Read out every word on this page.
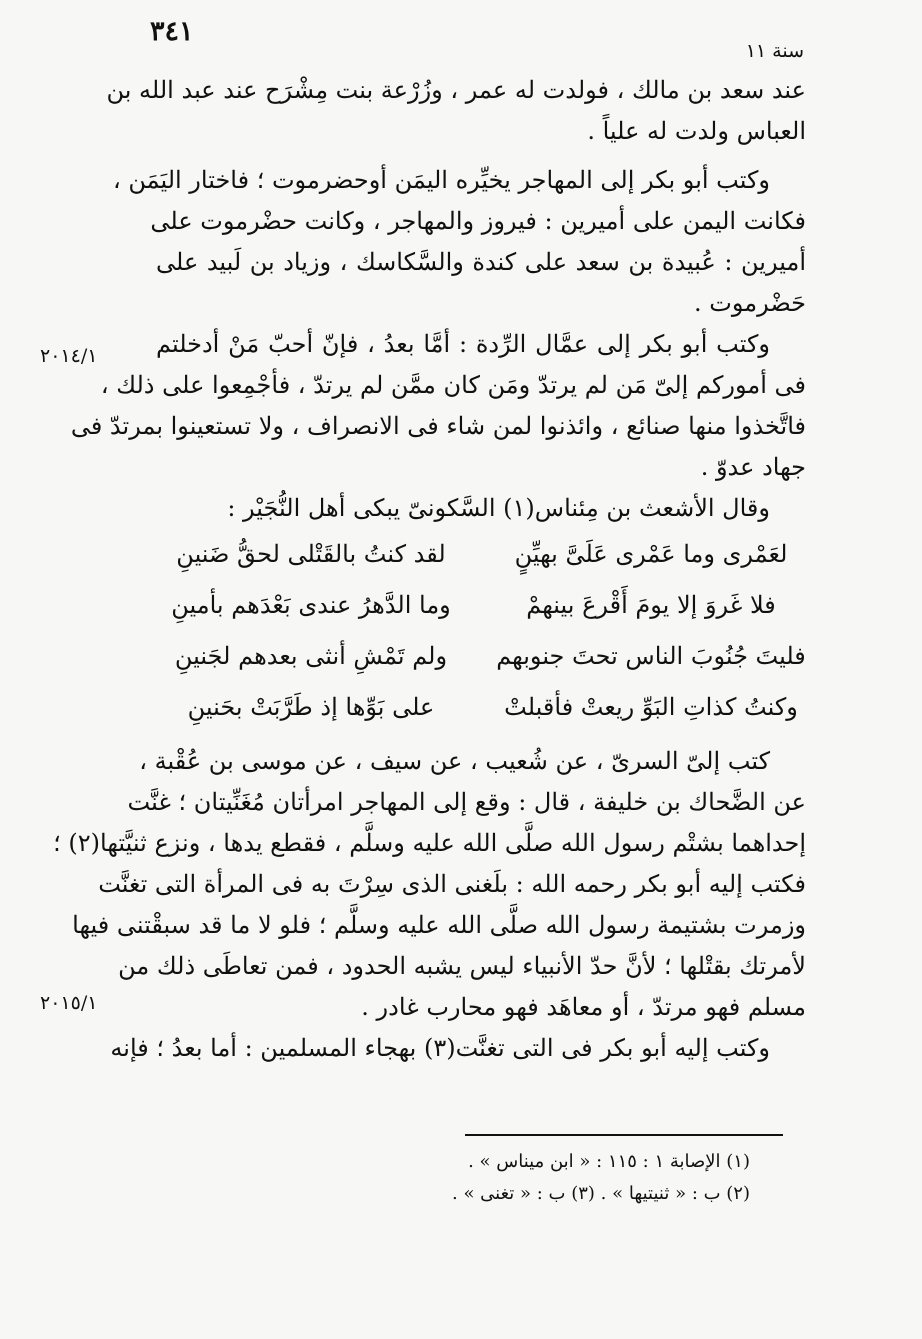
٣٤١
سنة ١١
٢٠١٤/١
٢٠١٥/١
عند سعد بن مالك ، فولدت له عمر ، وزُرْعة بنت مِشْرَح عند عبد الله بن
العباس ولدت له علياً .
وكتب أبو بكر إلى المهاجر يخيِّره اليمَن أوحضرموت ؛ فاختار اليَمَن ،
فكانت اليمن على أميرين : فيروز والمهاجر ، وكانت حضْرموت على
أميرين : عُبيدة بن سعد على كندة والسَّكاسك ، وزياد بن لَبيد على
حَضْرموت .
وكتب أبو بكر إلى عمَّال الرِّدة : أمَّا بعدُ ، فإنّ أحبّ مَنْ أدخلتم
فى أموركم إلىّ مَن لم يرتدّ ومَن كان ممَّن لم يرتدّ ، فأجْمِعوا على ذلك ،
فاتَّخذوا منها صنائع ، وائذنوا لمن شاء فى الانصراف ، ولا تستعينوا بمرتدّ فى
جهاد عدوّ .
وقال الأشعث بن مِئناس(١) السَّكونىّ يبكى أهل النُّجَيْر :
لعَمْرى وما عَمْرى عَلَىَّ بهيِّنٍ
لقد كنتُ بالقَتْلى لحقُّ ضَنينِ
فلا غَروَ إلا يومَ أَقْرعَ بينهمْ
وما الدَّهرُ عندى بَعْدَهم بأمينِ
فليتَ جُنُوبَ الناس تحتَ جنوبهم
ولم تَمْشِ أنثى بعدهم لجَنينِ
وكنتُ كذاتِ البَوِّ ريعتْ فأقبلتْ
على بَوِّها إذ طَرَّبَتْ بحَنينِ
كتب إلىّ السرىّ ، عن شُعيب ، عن سيف ، عن موسى بن عُقْبة ،
عن الضَّحاك بن خليفة ، قال : وقع إلى المهاجر امرأتان مُغَنِّيتان ؛ غنَّت
إحداهما بشتْم رسول الله صلَّى الله عليه وسلَّم ، فقطع يدها ، ونزع ثنيَّتها(٢) ؛
فكتب إليه أبو بكر رحمه الله : بلَغنى الذى سِرْتَ به فى المرأة التى تغنَّت
وزمرت بشتيمة رسول الله صلَّى الله عليه وسلَّم ؛ فلو لا ما قد سبقْتنى فيها
لأمرتك بقتْلها ؛ لأنَّ حدّ الأنبياء ليس يشبه الحدود ، فمن تعاطَى ذلك من
مسلم فهو مرتدّ ، أو معاهَد فهو محارب غادر .
وكتب إليه أبو بكر فى التى تغنَّت(٣) بهجاء المسلمين : أما بعدُ ؛ فإنه
(١) الإصابة ١ : ١١٥ : « ابن ميناس » .
(٢) ب : « ثنيتيها » . (٣) ب : « تغنى » .
